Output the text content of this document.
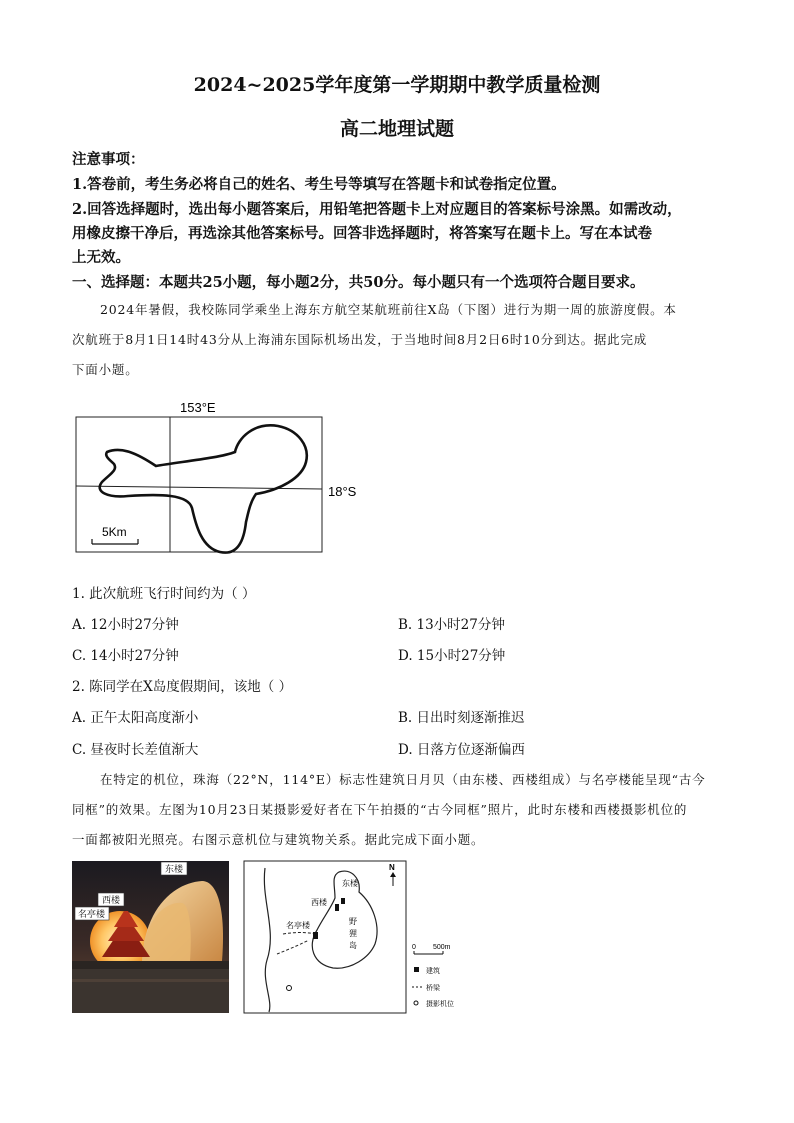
2024~2025学年度第一学期期中教学质量检测
高二地理试题
注意事项：
1.答卷前，考生务必将自己的姓名、考生号等填写在答题卡和试卷指定位置。
2.回答选择题时，选出每小题答案后，用铅笔把答题卡上对应题目的答案标号涂黑。如需改动，
用橡皮擦干净后，再选涂其他答案标号。回答非选择题时，将答案写在题卡上。写在本试卷
上无效。
一、选择题：本题共25小题，每小题2分，共50分。每小题只有一个选项符合题目要求。
2024年暑假，我校陈同学乘坐上海东方航空某航班前往X岛（下图）进行为期一周的旅游度假。本
次航班于8月1日14时43分从上海浦东国际机场出发，于当地时间8月2日6时10分到达。据此完成
下面小题。
153°E
18°S
5Km
1. 此次航班飞行时间约为（ ）
A. 12小时27分钟	B. 13小时27分钟
C. 14小时27分钟	D. 15小时27分钟
2. 陈同学在X岛度假期间，该地（ ）
A. 正午太阳高度渐小	B. 日出时刻逐渐推迟
C. 昼夜时长差值渐大	D. 日落方位逐渐偏西
在特定的机位，珠海（22°N，114°E）标志性建筑日月贝（由东楼、西楼组成）与名亭楼能呈现“古今
同框”的效果。左图为10月23日某摄影爱好者在下午拍摄的“古今同框”照片，此时东楼和西楼摄影机位的
一面都被阳光照亮。右图示意机位与建筑物关系。据此完成下面小题。
东楼
西楼
名亭楼
东楼
西楼
名亭楼	野
狸
岛
N
0 500m
建筑
桥梁
摄影机位
